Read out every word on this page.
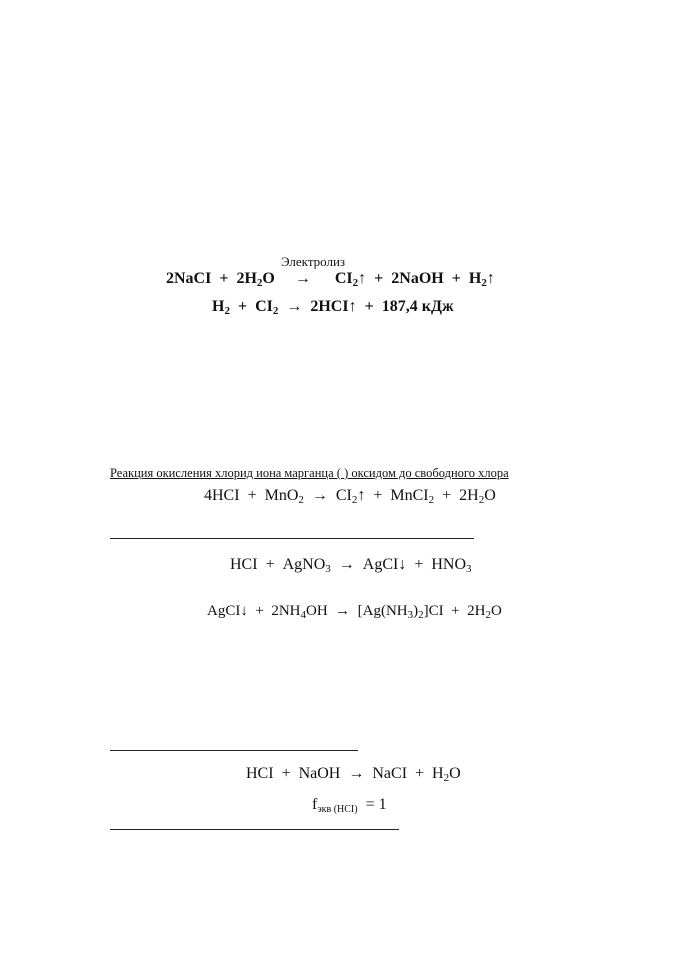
Электролиз
2NaCI + $2H_2O$ → $CI_2↑$ + 2NaOH + $H_2↑$
$H_2 + CI_2$ → 2HCI↑ + 187,4 кДж
Реакция окисления хлорид иона марганца ( ) оксидом до свободного хлора
$4HCI + MnO_2 \to CI_2↑$ + MnCI$_2$ + $2H_2O$
HCI + AgNO$_3$ → AgCI↓ + $HNO_3$
AgCI↓ + $2NH_4OH \to [Ag(NH_3)_2]CI + 2H_2O$
HCI + NaOH → NaCI + $H_2O$
$f_{экв (HCI)} = 1$
